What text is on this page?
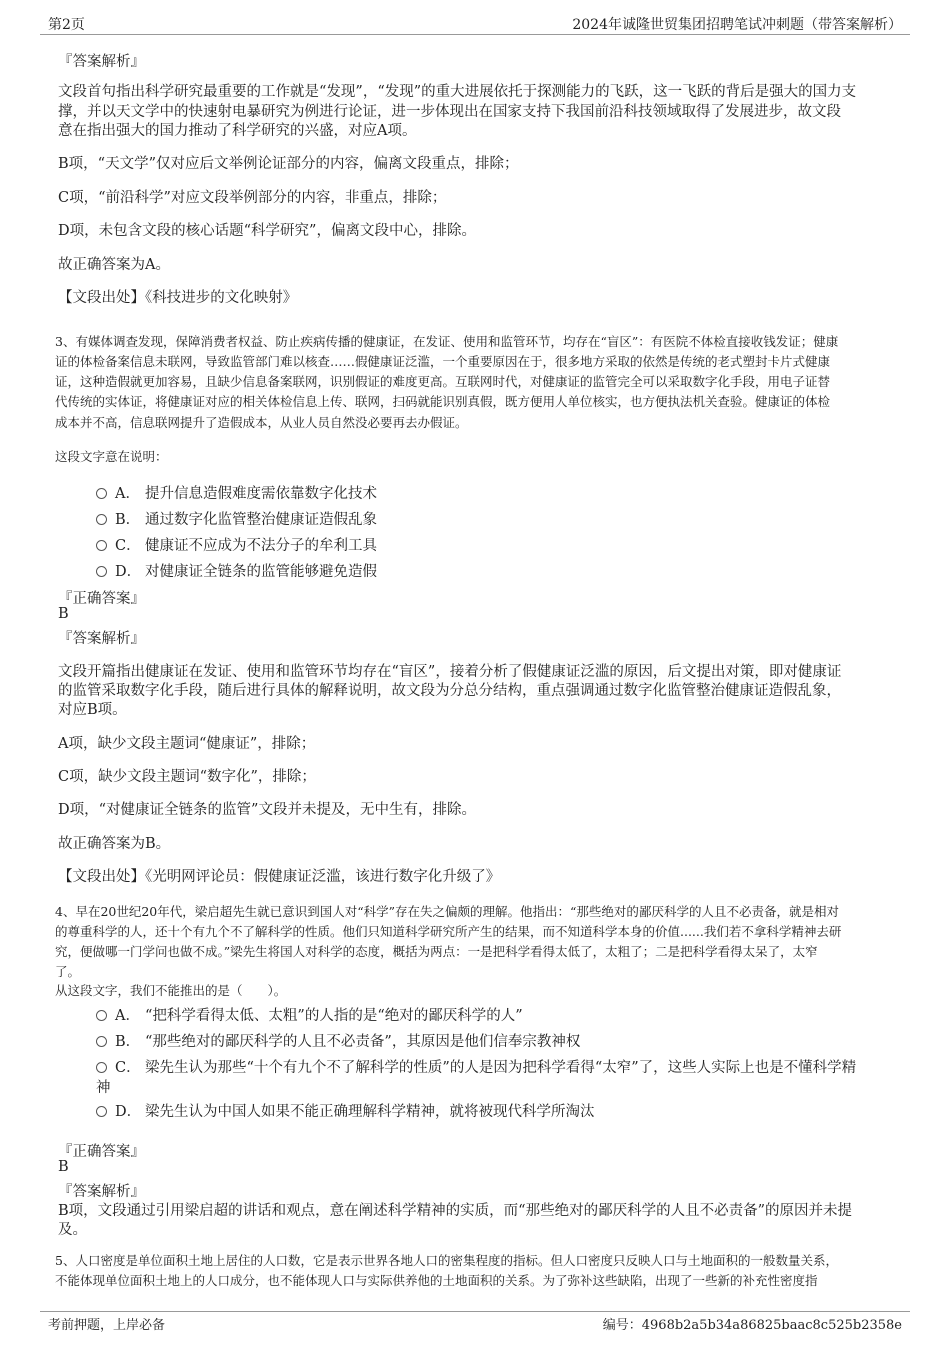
第2页	2024年诚隆世贸集团招聘笔试冲刺题（带答案解析）
『答案解析』
文段首句指出科学研究最重要的工作就是“发现”，“发现”的重大进展依托于探测能力的飞跃，这一飞跃的背后是强大的国力支
撑，并以天文学中的快速射电暴研究为例进行论证，进一步体现出在国家支持下我国前沿科技领域取得了发展进步，故文段
意在指出强大的国力推动了科学研究的兴盛，对应A项。
B项，“天文学”仅对应后文举例论证部分的内容，偏离文段重点，排除；
C项，“前沿科学”对应文段举例部分的内容，非重点，排除；
D项，未包含文段的核心话题“科学研究”，偏离文段中心，排除。
故正确答案为A。
【文段出处】《科技进步的文化映射》
3、有媒体调查发现，保障消费者权益、防止疾病传播的健康证，在发证、使用和监管环节，均存在“盲区”：有医院不体检直接收钱发证；健康
证的体检备案信息未联网，导致监管部门难以核查……假健康证泛滥，一个重要原因在于，很多地方采取的依然是传统的老式塑封卡片式健康
证，这种造假就更加容易，且缺少信息备案联网，识别假证的难度更高。互联网时代，对健康证的监管完全可以采取数字化手段，用电子证替
代传统的实体证，将健康证对应的相关体检信息上传、联网，扫码就能识别真假，既方便用人单位核实，也方便执法机关查验。健康证的体检
成本并不高，信息联网提升了造假成本，从业人员自然没必要再去办假证。
这段文字意在说明：
A． 提升信息造假难度需依靠数字化技术
B． 通过数字化监管整治健康证造假乱象
C． 健康证不应成为不法分子的牟利工具
D． 对健康证全链条的监管能够避免造假
『正确答案』
B
『答案解析』
文段开篇指出健康证在发证、使用和监管环节均存在“盲区”，接着分析了假健康证泛滥的原因，后文提出对策，即对健康证
的监管采取数字化手段，随后进行具体的解释说明，故文段为分总分结构，重点强调通过数字化监管整治健康证造假乱象，
对应B项。
A项，缺少文段主题词“健康证”，排除；
C项，缺少文段主题词“数字化”，排除；
D项，“对健康证全链条的监管”文段并未提及，无中生有，排除。
故正确答案为B。
【文段出处】《光明网评论员：假健康证泛滥，该进行数字化升级了》
4、早在20世纪20年代，梁启超先生就已意识到国人对“科学”存在失之偏颇的理解。他指出：“那些绝对的鄙厌科学的人且不必责备，就是相对
的尊重科学的人，还十个有九个不了解科学的性质。他们只知道科学研究所产生的结果，而不知道科学本身的价值......我们若不拿科学精神去研
究，便做哪一门学问也做不成。”梁先生将国人对科学的态度，概括为两点：一是把科学看得太低了，太粗了；二是把科学看得太呆了，太窄
了。
从这段文字，我们不能推出的是（　　）。
A． “把科学看得太低、太粗”的人指的是“绝对的鄙厌科学的人”
B． “那些绝对的鄙厌科学的人且不必责备”，其原因是他们信奉宗教神权
C． 梁先生认为那些“十个有九个不了解科学的性质”的人是因为把科学看得“太窄”了，这些人实际上也是不懂科学精
神
D． 梁先生认为中国人如果不能正确理解科学精神，就将被现代科学所淘汰
『正确答案』
B
『答案解析』
B项，文段通过引用梁启超的讲话和观点，意在阐述科学精神的实质，而“那些绝对的鄙厌科学的人且不必责备”的原因并未提
及。
5、人口密度是单位面积土地上居住的人口数，它是表示世界各地人口的密集程度的指标。但人口密度只反映人口与土地面积的一般数量关系，
不能体现单位面积土地上的人口成分，也不能体现人口与实际供养他的土地面积的关系。为了弥补这些缺陷，出现了一些新的补充性密度指
考前押题，上岸必备	编号：4968b2a5b34a86825baac8c525b2358e
